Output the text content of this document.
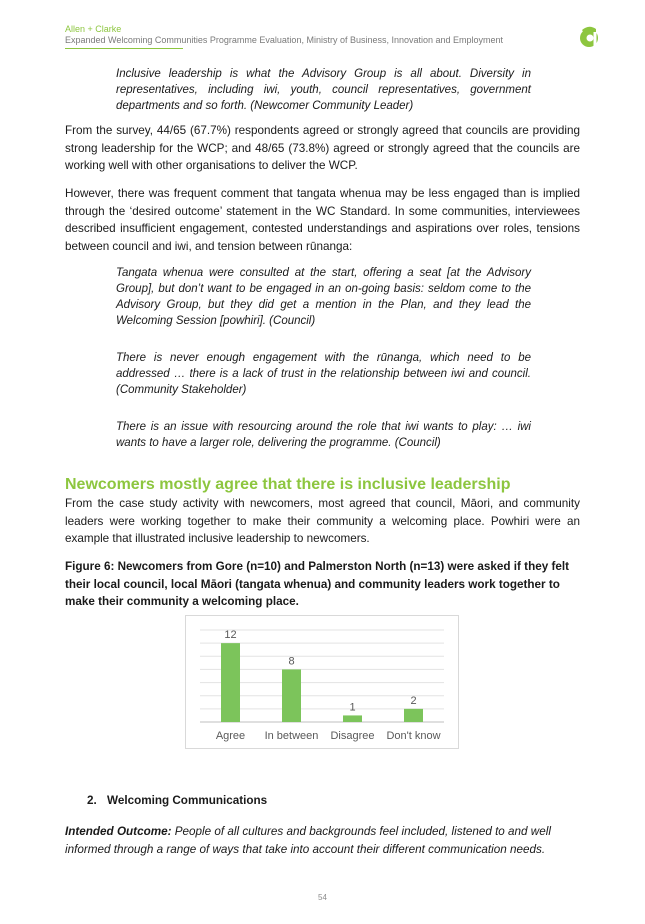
Allen + Clarke
Expanded Welcoming Communities Programme Evaluation, Ministry of Business, Innovation and Employment
Inclusive leadership is what the Advisory Group is all about. Diversity in representatives, including iwi, youth, council representatives, government departments and so forth. (Newcomer Community Leader)
From the survey, 44/65 (67.7%) respondents agreed or strongly agreed that councils are providing strong leadership for the WCP; and 48/65 (73.8%) agreed or strongly agreed that the councils are working well with other organisations to deliver the WCP.
However, there was frequent comment that tangata whenua may be less engaged than is implied through the ‘desired outcome’ statement in the WC Standard. In some communities, interviewees described insufficient engagement, contested understandings and aspirations over roles, tensions between council and iwi, and tension between rūnanga:
Tangata whenua were consulted at the start, offering a seat [at the Advisory Group], but don’t want to be engaged in an on-going basis: seldom come to the Advisory Group, but they did get a mention in the Plan, and they lead the Welcoming Session [powhiri]. (Council)
There is never enough engagement with the rūnanga, which need to be addressed … there is a lack of trust in the relationship between iwi and council. (Community Stakeholder)
There is an issue with resourcing around the role that iwi wants to play: … iwi wants to have a larger role, delivering the programme. (Council)
Newcomers mostly agree that there is inclusive leadership
From the case study activity with newcomers, most agreed that council, Māori, and community leaders were working together to make their community a welcoming place. Powhiri were an example that illustrated inclusive leadership to newcomers.
Figure 6: Newcomers from Gore (n=10) and Palmerston North (n=13) were asked if they felt their local council, local Māori (tangata whenua) and community leaders work together to make their community a welcoming place.
12
Agree
8
In between
1
Disagree
2
Don't know
2. Welcoming Communications
Intended Outcome: People of all cultures and backgrounds feel included, listened to and well informed through a range of ways that take into account their different communication needs.
54
